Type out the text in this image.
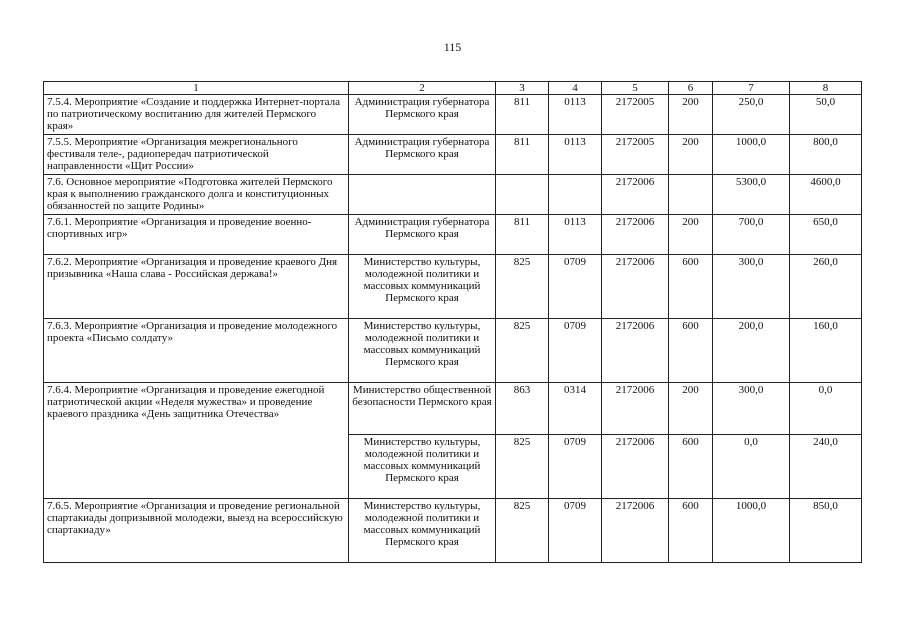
115
1	2	3	4	5	6	7	8
7.5.4. Мероприятие «Создание и поддержка Интернет-портала по патриотическому воспитанию для жителей Пермского края»	Администрация губернатора Пермского края	811	0113	2172005	200	250,0	50,0
7.5.5. Мероприятие «Организация межрегионального фестиваля теле-, радиопередач патриотической направленности «Щит России»	Администрация губернатора Пермского края	811	0113	2172005	200	1000,0	800,0
7.6. Основное мероприятие «Подготовка жителей Пермского края к выполнению гражданского долга и конституционных обязанностей по защите Родины»				2172006		5300,0	4600,0
7.6.1. Мероприятие «Организация и проведение военно-спортивных игр»	Администрация губернатора Пермского края	811	0113	2172006	200	700,0	650,0
7.6.2. Мероприятие «Организация и проведение краевого Дня призывника «Наша слава - Российская держава!»	Министерство культуры, молодежной политики и массовых коммуникаций Пермского края	825	0709	2172006	600	300,0	260,0
7.6.3. Мероприятие «Организация и проведение молодежного проекта «Письмо солдату»	Министерство культуры, молодежной политики и массовых коммуникаций Пермского края	825	0709	2172006	600	200,0	160,0
7.6.4. Мероприятие «Организация и проведение ежегодной патриотической акции «Неделя мужества» и проведение краевого праздника «День защитника Отечества»	Министерство общественной безопасности Пермского края	863	0314	2172006	200	300,0	0,0
	Министерство культуры, молодежной политики и массовых коммуникаций Пермского края	825	0709	2172006	600	0,0	240,0
7.6.5. Мероприятие «Организация и проведение региональной спартакиады допризывной молодежи, выезд на всероссийскую спартакиаду»	Министерство культуры, молодежной политики и массовых коммуникаций Пермского края	825	0709	2172006	600	1000,0	850,0
